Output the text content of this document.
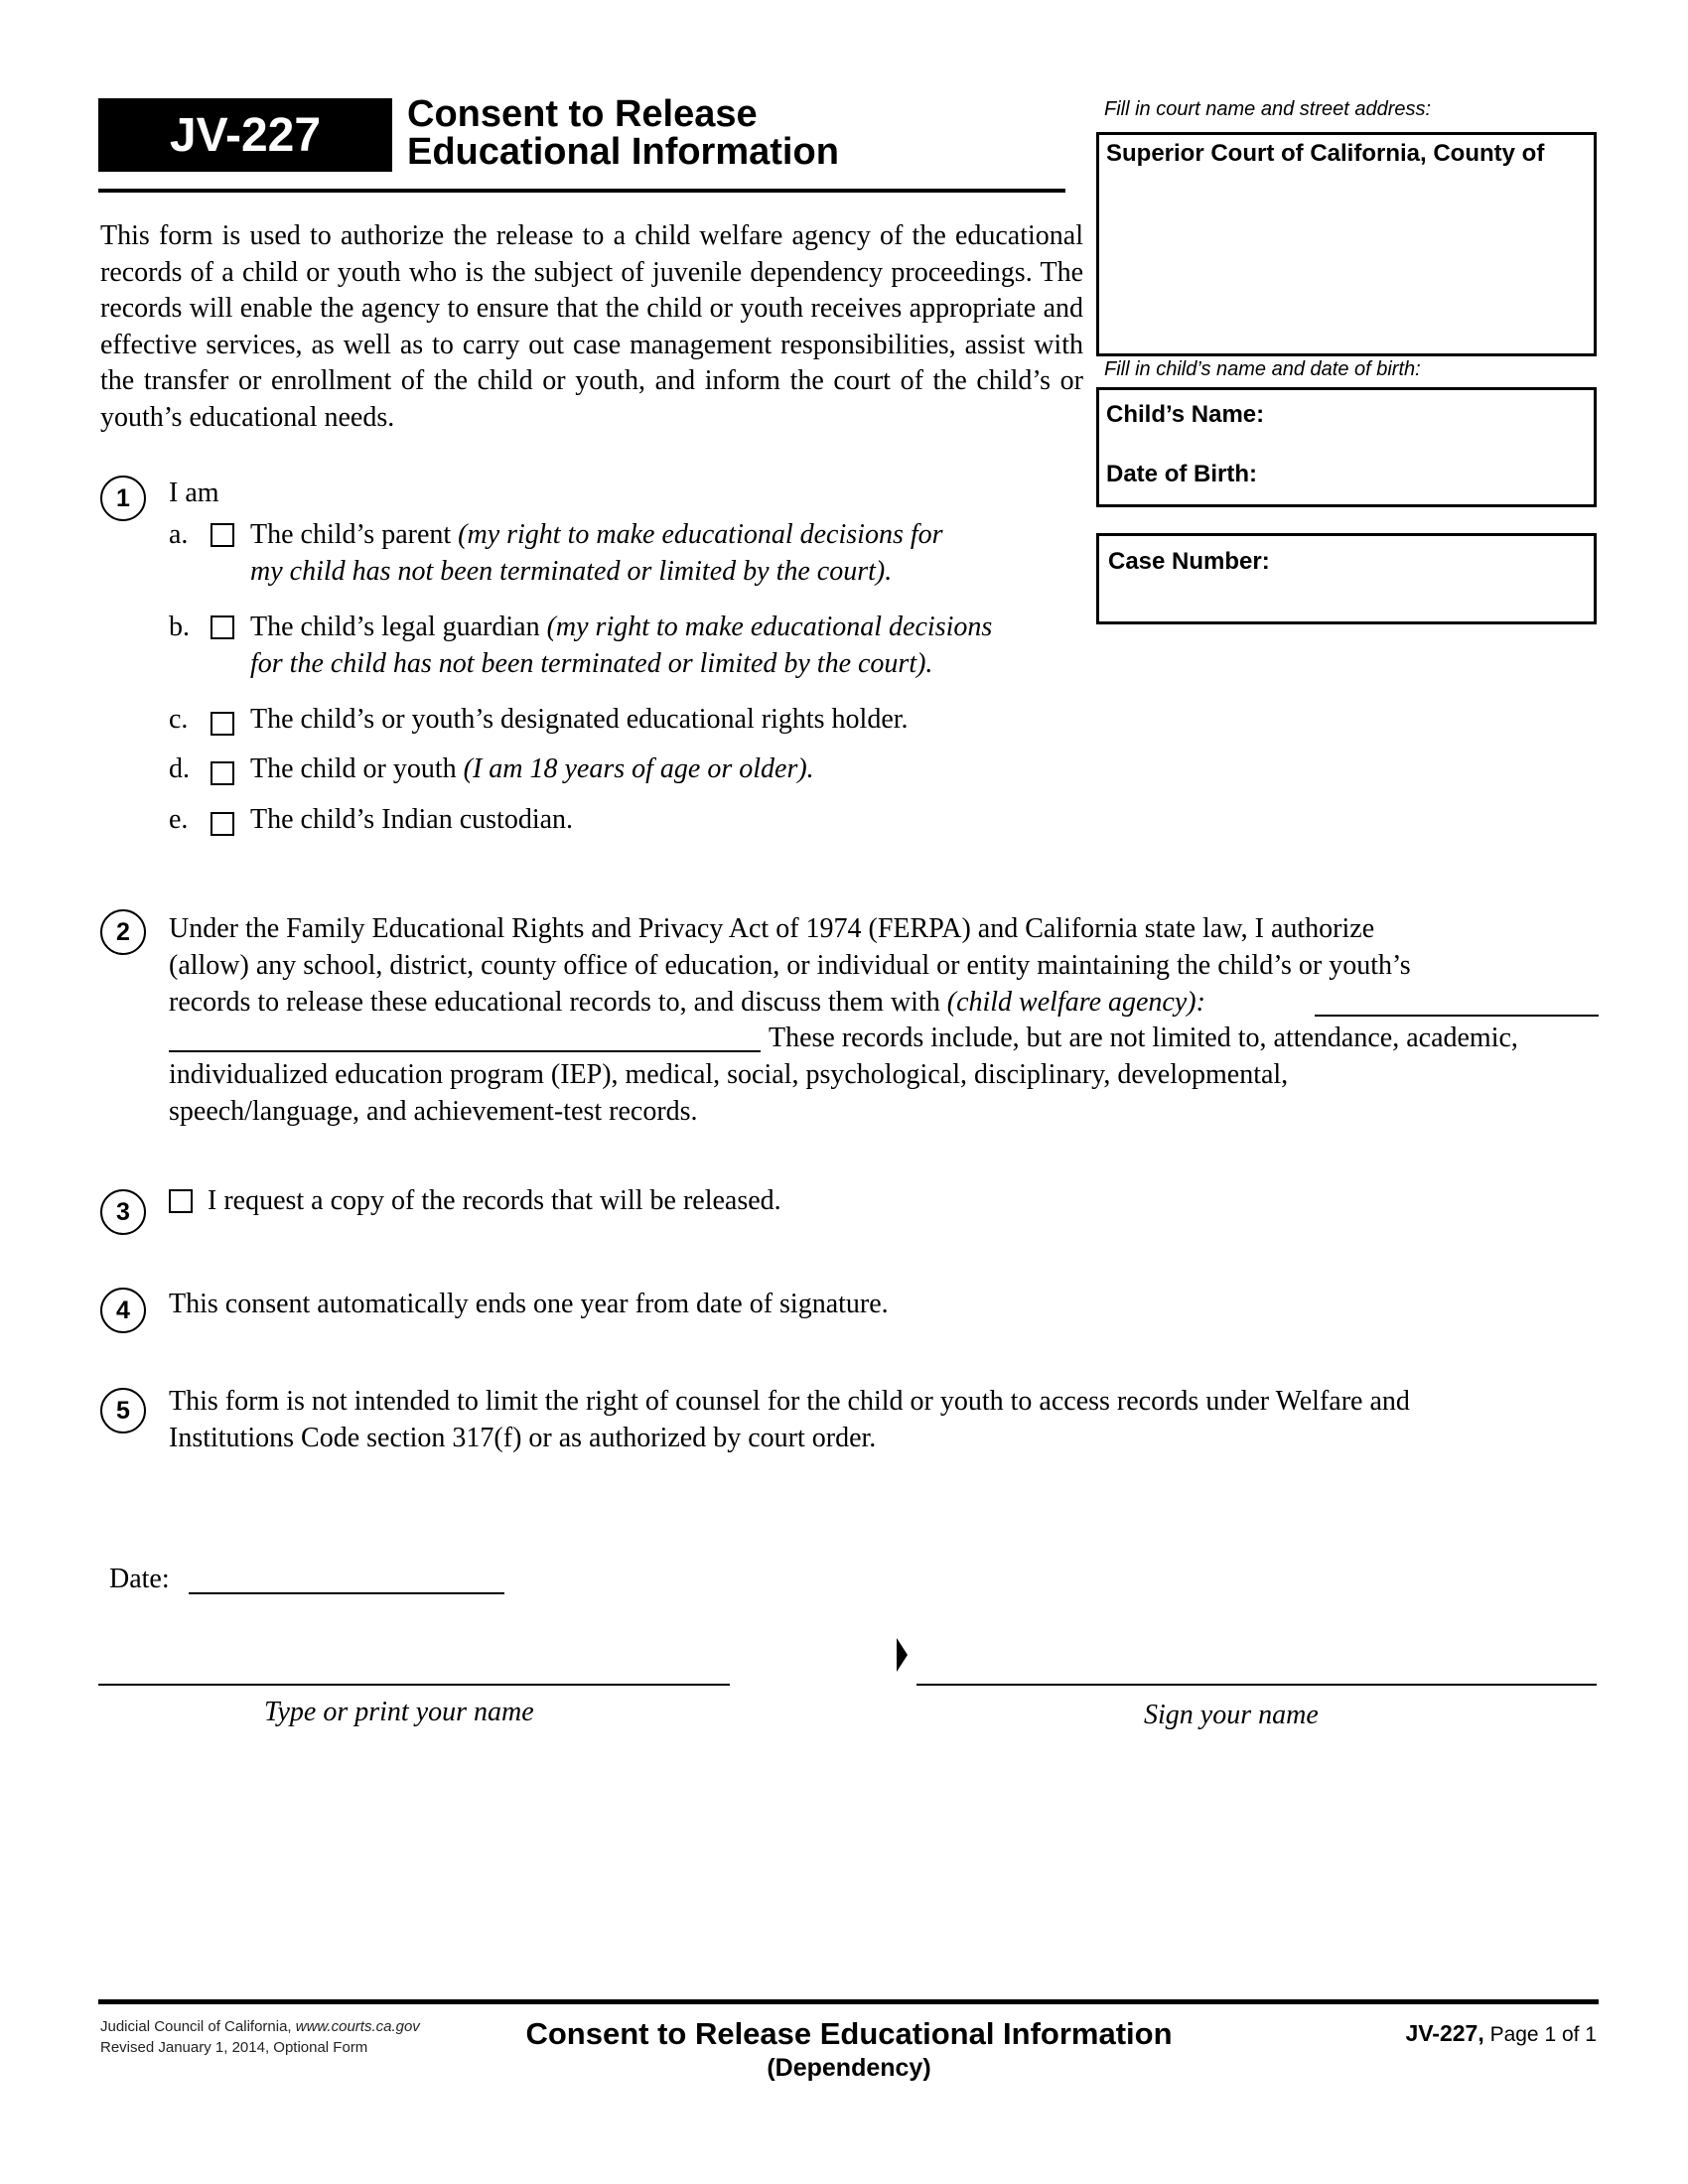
JV-227 Consent to Release
Educational Information
This form is used to authorize the release to a child welfare agency of the educational records of a child or youth who is the subject of juvenile dependency proceedings. The records will enable the agency to ensure that the child or youth receives appropriate and effective services, as well as to carry out case management responsibilities, assist with the transfer or enrollment of the child or youth, and inform the court of the child’s or youth’s educational needs.
Fill in court name and street address:
Superior Court of California, County of
Fill in child’s name and date of birth:
Child’s Name:
Date of Birth:
Case Number:
1 I am
a. The child’s parent (my right to make educational decisions for
my child has not been terminated or limited by the court).
b. The child’s legal guardian (my right to make educational decisions
for the child has not been terminated or limited by the court).
c. The child’s or youth’s designated educational rights holder.
d. The child or youth (I am 18 years of age or older).
e. The child’s Indian custodian.
2 Under the Family Educational Rights and Privacy Act of 1974 (FERPA) and California state law, I authorize
(allow) any school, district, county office of education, or individual or entity maintaining the child’s or youth’s
records to release these educational records to, and discuss them with (child welfare agency):
These records include, but are not limited to, attendance, academic,
individualized education program (IEP), medical, social, psychological, disciplinary, developmental,
speech/language, and achievement-test records.
3	I request a copy of the records that will be released.
4 This consent automatically ends one year from date of signature.
5 This form is not intended to limit the right of counsel for the child or youth to access records under Welfare and
Institutions Code section 317(f) or as authorized by court order.
Date:
Type or print your name	Sign your name
Judicial Council of California, www.courts.ca.gov
Revised January 1, 2014, Optional Form	Consent to Release Educational Information
(Dependency)
JV-227, Page 1 of 1
